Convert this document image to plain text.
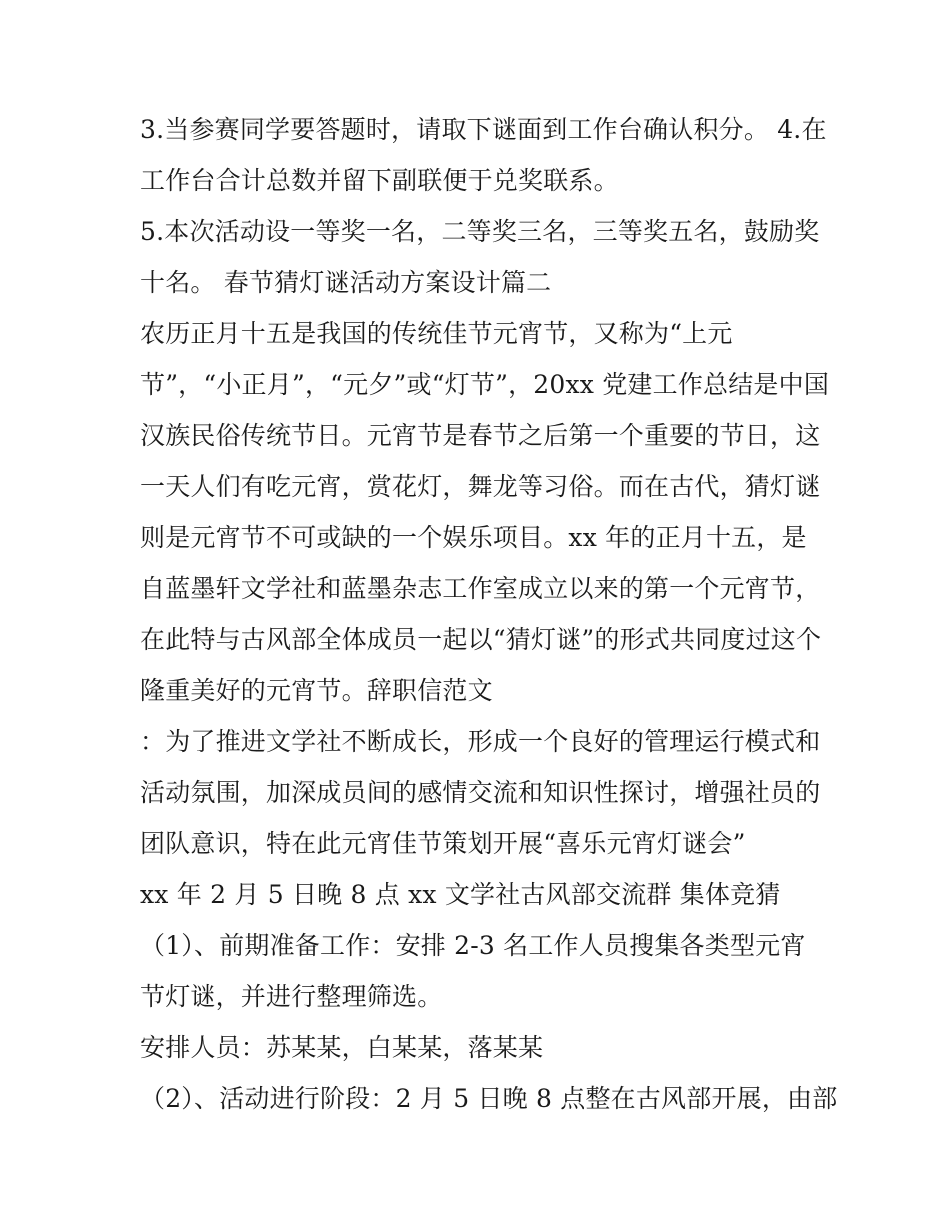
3.当参赛同学要答题时，请取下谜面到工作台确认积分。 4.在
工作台合计总数并留下副联便于兑奖联系。
5.本次活动设一等奖一名，二等奖三名，三等奖五名，鼓励奖
十名。 春节猜灯谜活动方案设计篇二
农历正月十五是我国的传统佳节元宵节，又称为“上元
节”，“小正月”，“元夕”或“灯节”，20xx 党建工作总结是中国
汉族民俗传统节日。元宵节是春节之后第一个重要的节日，这
一天人们有吃元宵，赏花灯，舞龙等习俗。而在古代，猜灯谜
则是元宵节不可或缺的一个娱乐项目。xx 年的正月十五，是
自蓝墨轩文学社和蓝墨杂志工作室成立以来的第一个元宵节，
在此特与古风部全体成员一起以“猜灯谜”的形式共同度过这个
隆重美好的元宵节。辞职信范文
：为了推进文学社不断成长，形成一个良好的管理运行模式和
活动氛围，加深成员间的感情交流和知识性探讨，增强社员的
团队意识，特在此元宵佳节策划开展“喜乐元宵灯谜会”
xx 年 2 月 5 日晚 8 点 xx 文学社古风部交流群 集体竞猜
（1）、前期准备工作：安排 2-3 名工作人员搜集各类型元宵
节灯谜，并进行整理筛选。
安排人员：苏某某，白某某，落某某
（2）、活动进行阶段：2 月 5 日晚 8 点整在古风部开展，由部
